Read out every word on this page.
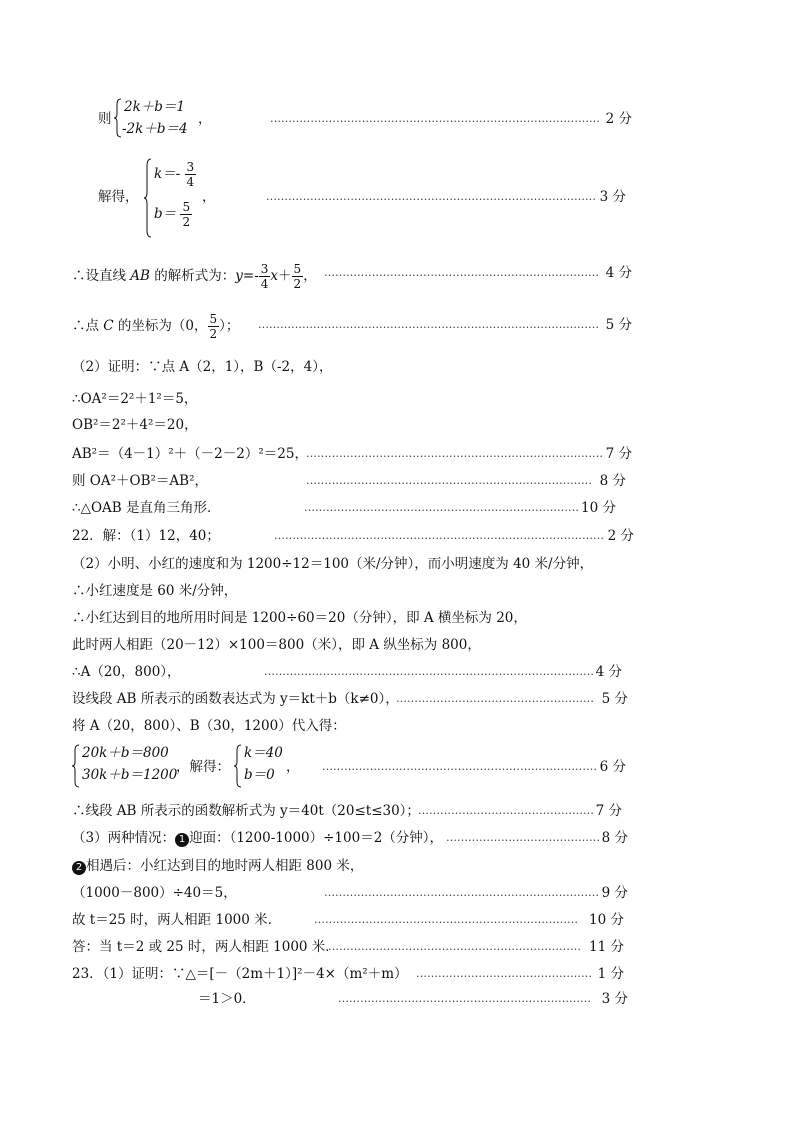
则
2k＋b＝1
-2k＋b＝4
，	……………………………………………………………………………… 2 分
解得，
$k=- \frac{3}{4}$
$b= \frac{5}{2}$
，	……………………………………………………………………………… 3 分
∴设直线 AB 的解析式为：$y=- \frac{3}{4} x+ \frac{5}{2}$ ， ………………………………………………………………… 4 分
∴点 C 的坐标为（0， $\frac{5}{2}$ ）； ………………………………………………………………………………… 5 分
（2）证明：∵点 A（2，1），B（-2，4），
∴OA²＝2²＋1²＝5，
OB²＝2²＋4²＝20，
AB²＝（4－1）²＋（－2－2）²＝25，
……………………………………………………………………… 7 分
则 OA²＋OB²＝AB²，	…………………………………………………………………… 8 分
∴△OAB 是直角三角形．	………………………………………………………………… 10 分
22．解：（1）12，40；	……………………………………………………………………………… 2 分
（2）小明、小红的速度和为 1200÷12＝100（米/分钟），而小明速度为 40 米/分钟，
∴小红速度是 60 米/分钟，
∴小红达到目的地所用时间是 1200÷60＝20（分钟），即 A 横坐标为 20，
此时两人相距（20－12）×100＝800（米），即 A 纵坐标为 800，
∴A（20，800），	……………………………………………………………………………… 4 分
设线段 AB 所表示的函数表达式为 y＝kt＋b（k≠0），
……………………………………………… 5 分
将 A（20，800）、B（30，1200）代入得：
20k＋b＝800
30k＋b＝1200
，解得：
k＝40
b＝0 ， ………………………………………………………………… 6 分
∴线段 AB 所表示的函数解析式为 y＝40t（20≤t≤30）；
………………………………………… 7 分
（3）两种情况： 1 迎面：（1200-1000）÷100＝2（分钟）， …………………………………… 8 分
2 相遇后：小红达到目的地时两人相距 800 米，
（1000－800）÷40＝5，	………………………………………………………………… 9 分
故 t＝25 时，两人相距 1000 米．	……………………………………………………………… 10 分
答：当 t＝2 或 25 时，两人相距 1000 米．
…………………………………………………………… 11 分
23．（1）证明：∵△＝[－（2m＋1）]²－4×（m²＋m） ………………………………………… 1 分
＝1＞0．	…………………………………………………………… 3 分
